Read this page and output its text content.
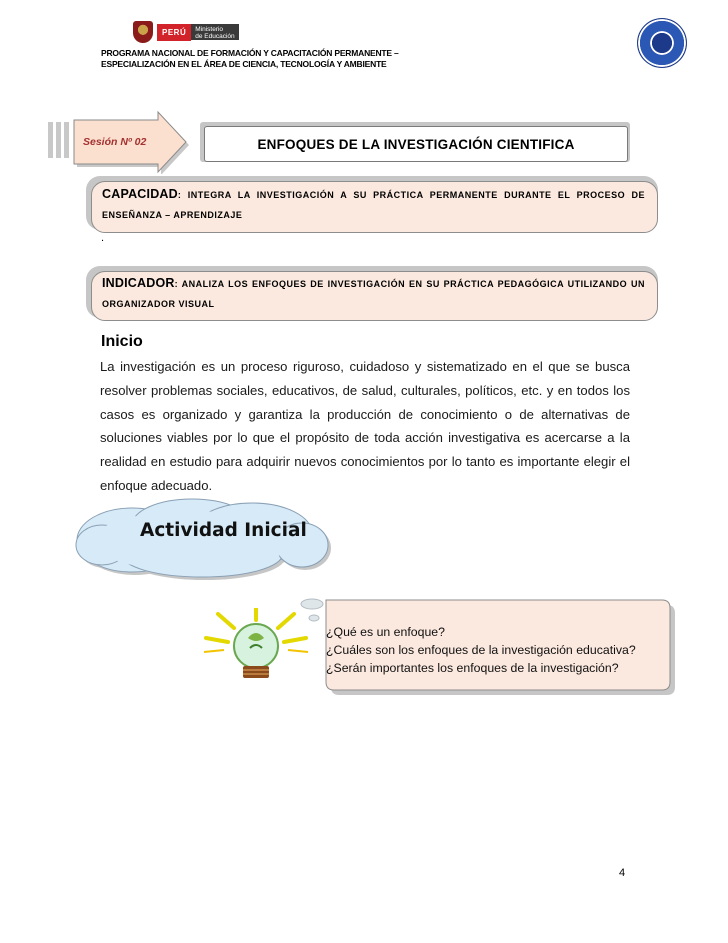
PERÚ	Ministerio
de Educación
PROGRAMA NACIONAL DE FORMACIÓN Y CAPACITACIÓN PERMANENTE –
ESPECIALIZACIÓN EN EL ÁREA DE CIENCIA, TECNOLOGÍA Y AMBIENTE
Sesión Nº 02	ENFOQUES DE LA INVESTIGACIÓN CIENTIFICA
CAPACIDAD: INTEGRA LA INVESTIGACIÓN A SU PRÁCTICA PERMANENTE DURANTE EL PROCESO DE ENSEÑANZA – APRENDIZAJE
.
INDICADOR: ANALIZA LOS ENFOQUES DE INVESTIGACIÓN EN SU PRÁCTICA PEDAGÓGICA UTILIZANDO UN ORGANIZADOR VISUAL
Inicio
La investigación es un proceso riguroso, cuidadoso y sistematizado en el que se busca resolver problemas sociales, educativos, de salud, culturales, políticos, etc. y en todos los casos es organizado y garantiza la producción de conocimiento o de alternativas de soluciones viables por lo que el propósito de toda acción investigativa es acercarse a la realidad en estudio para adquirir nuevos conocimientos por lo tanto es importante elegir el enfoque adecuado.
Actividad Inicial
¿Qué es un enfoque?
¿Cuáles son los enfoques de la investigación educativa?
¿Serán importantes los enfoques de la investigación?
4
